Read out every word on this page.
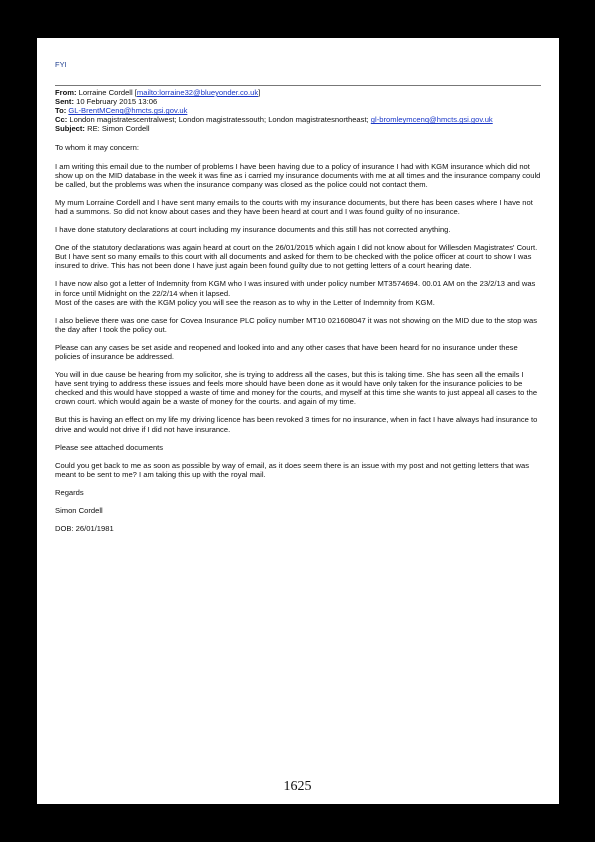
FYI
From: Lorraine Cordell [mailto:lorraine32@blueyonder.co.uk]
Sent: 10 February 2015 13:06
To: GL-BrentMCenq@hmcts.gsi.gov.uk
Cc: London magistratescentralwest; London magistratessouth; London magistratesnortheast; gl-bromleymcenq@hmcts.gsi.gov.uk
Subject: RE: Simon Cordell

To whom it may concern:

I am writing this email due to the number of problems I have been having due to a policy of insurance I had with KGM insurance which did not show up on the MID database in the week it was fine as i carried my insurance documents with me at all times and the insurance company could be called, but the problems was when the insurance company was closed as the police could not contact them.

My mum Lorraine Cordell and I have sent many emails to the courts with my insurance documents, but there has been cases where I have not had a summons. So did not know about cases and they have been heard at court and I was found guilty of no insurance.

I have done statutory declarations at court including my insurance documents and this still has not corrected anything.

One of the statutory declarations was again heard at court on the 26/01/2015 which again I did not know about for Willesden Magistrates' Court. But I have sent so many emails to this court with all documents and asked for them to be checked with the police officer at court to show I was insured to drive. This has not been done I have just again been found guilty due to not getting letters of a court hearing date.

I have now also got a letter of Indemnity from KGM who I was insured with under policy number MT3574694. 00.01 AM on the 23/2/13 and was in force until Midnight on the 22/2/14 when it lapsed.
Most of the cases are with the KGM policy you will see the reason as to why in the Letter of Indemnity from KGM.

I also believe there was one case for Covea Insurance PLC policy number MT10 021608047 it was not showing on the MID due to the stop was the day after I took the policy out.

Please can any cases be set aside and reopened and looked into and any other cases that have been heard for no insurance under these policies of insurance be addressed.

You will in due cause be hearing from my solicitor, she is trying to address all the cases, but this is taking time. She has seen all the emails I have sent trying to address these issues and feels more should have been done as it would have only taken for the insurance policies to be checked and this would have stopped a waste of time and money for the courts, and myself at this time she wants to just appeal all cases to the crown court. which would again be a waste of money for the courts. and again of my time.

But this is having an effect on my life my driving licence has been revoked 3 times for no insurance, when in fact I have always had insurance to drive and would not drive if I did not have insurance.

Please see attached documents

Could you get back to me as soon as possible by way of email, as it does seem there is an issue with my post and not getting letters that was meant to be sent to me? I am taking this up with the royal mail.

Regards

Simon Cordell

DOB: 26/01/1981

1625
